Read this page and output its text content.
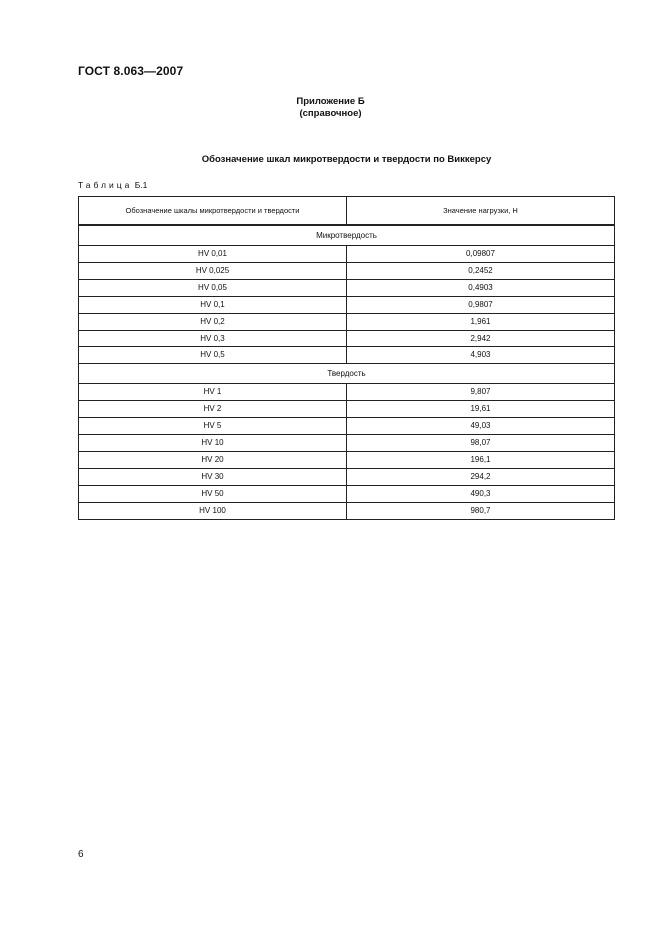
ГОСТ 8.063—2007
Приложение Б
(справочное)
Обозначение шкал микротвердости и твердости по Виккерсу
Таблица Б.1
Обозначение шкалы микротвердости и твердости	Значение нагрузки, Н
Микротвердость	
HV 0,01	0,09807
HV 0,025	0,2452
HV 0,05	0,4903
HV 0,1	0,9807
HV 0,2	1,961
HV 0,3	2,942
HV 0,5	4,903
Твердость	
HV 1	9,807
HV 2	19,61
HV 5	49,03
HV 10	98,07
HV 20	196,1
HV 30	294,2
HV 50	490,3
HV 100	980,7
6
